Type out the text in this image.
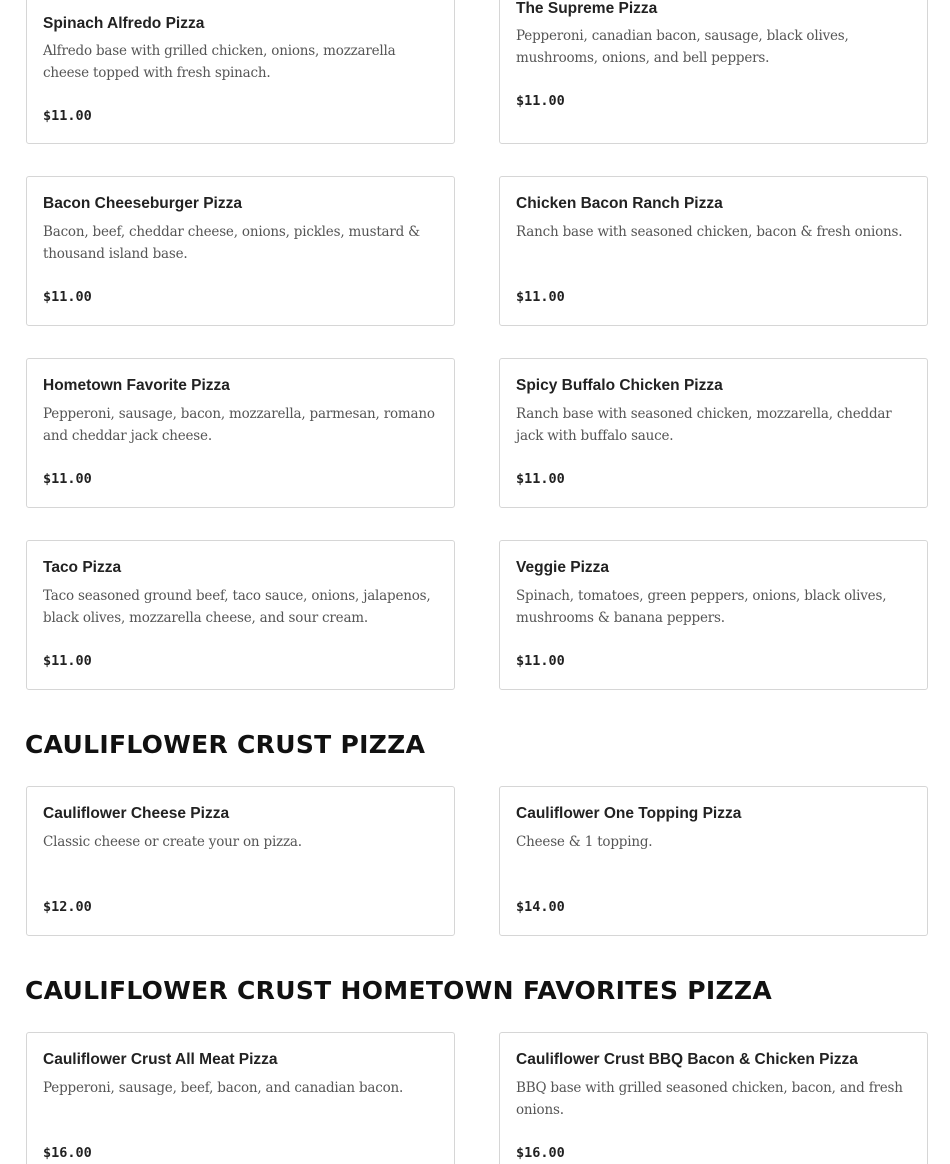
Spinach Alfredo Pizza
Alfredo base with grilled chicken, onions, mozzarella cheese topped with fresh spinach.
$11.00
The Supreme Pizza
Pepperoni, canadian bacon, sausage, black olives, mushrooms, onions, and bell peppers.
$11.00
Bacon Cheeseburger Pizza
Bacon, beef, cheddar cheese, onions, pickles, mustard & thousand island base.
$11.00
Chicken Bacon Ranch Pizza
Ranch base with seasoned chicken, bacon & fresh onions.
$11.00
Hometown Favorite Pizza
Pepperoni, sausage, bacon, mozzarella, parmesan, romano and cheddar jack cheese.
$11.00
Spicy Buffalo Chicken Pizza
Ranch base with seasoned chicken, mozzarella, cheddar jack with buffalo sauce.
$11.00
Taco Pizza
Taco seasoned ground beef, taco sauce, onions, jalapenos, black olives, mozzarella cheese, and sour cream.
$11.00
Veggie Pizza
Spinach, tomatoes, green peppers, onions, black olives, mushrooms & banana peppers.
$11.00
CAULIFLOWER CRUST PIZZA
Cauliflower Cheese Pizza
Classic cheese or create your on pizza.
$12.00
Cauliflower One Topping Pizza
Cheese & 1 topping.
$14.00
CAULIFLOWER CRUST HOMETOWN FAVORITES PIZZA
Cauliflower Crust All Meat Pizza
Pepperoni, sausage, beef, bacon, and canadian bacon.
$16.00
Cauliflower Crust BBQ Bacon & Chicken Pizza
BBQ base with grilled seasoned chicken, bacon, and fresh onions.
$16.00
